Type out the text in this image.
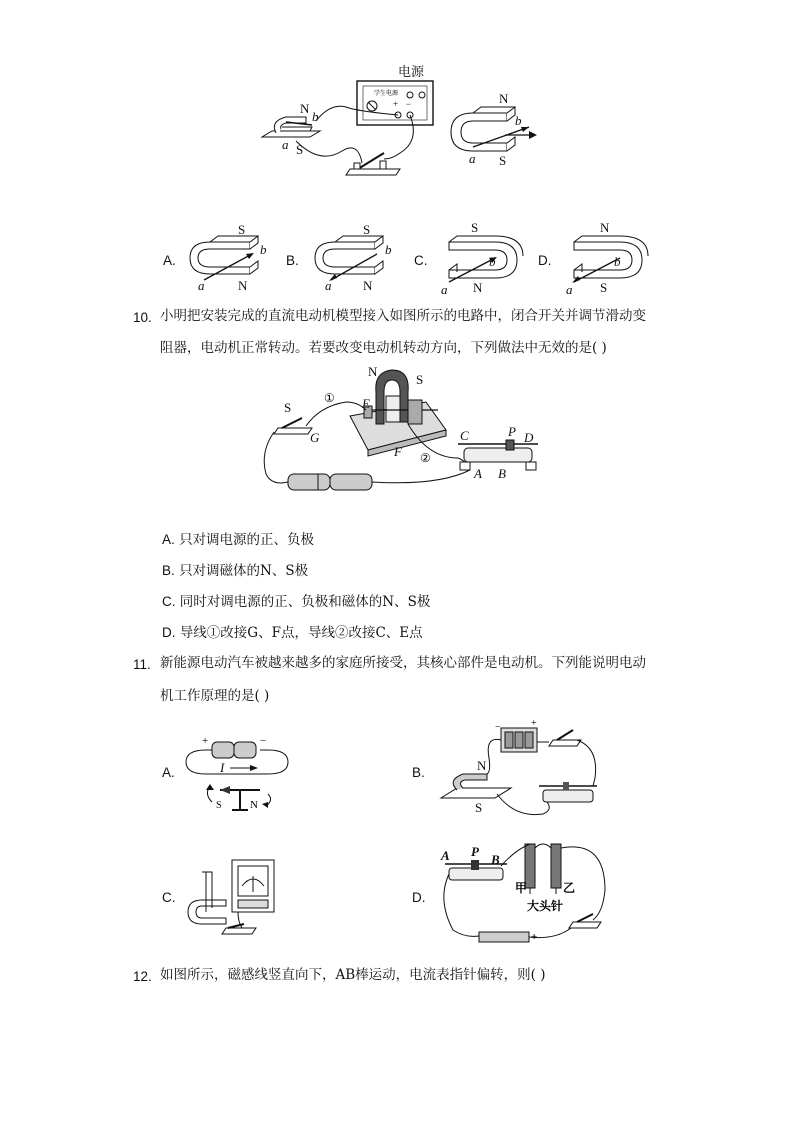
电源
学生电源
+ −
N
b
a S
N
b
a S
A.	B.	C.	D.
S
b
a	N
S
b
a N
S
b
a N
N
b
a S
10. 小明把安装完成的直流电动机模型接入如图所示的电路中，闭合开关并调节滑动变
阻器，电动机正常转动。若要改变电动机转动方向，下列做法中无效的是( )
N
S
E
F
S
G
①
②
C	P D
A B
A. 只对调电源的正、负极
B. 只对调磁体的N、S极
C. 同时对调电源的正、负极和磁体的N、S极
D. 导线①改接G、F点，导线②改接C、E点
11. 新能源电动汽车被越来越多的家庭所接受，其核心部件是电动机。下列能说明电动
机工作原理的是( )
A.	B.
C.	D.
+	−
I
S	N
−	+
N
S
A P
B
甲	乙
大头针
−	+
12. 如图所示，磁感线竖直向下，AB棒运动，电流表指针偏转，则( )
